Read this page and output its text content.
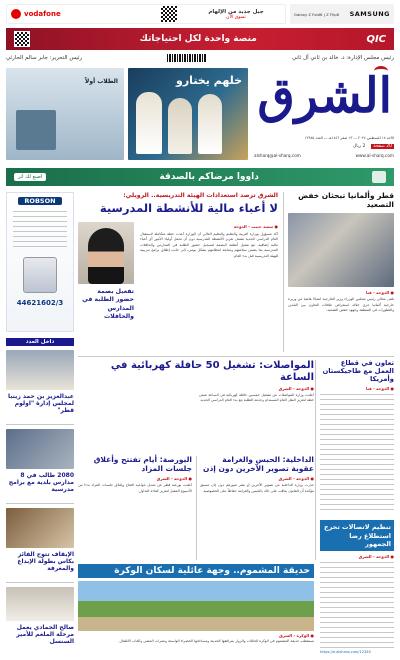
SAMSUNG
Galaxy Z Fold6 | Z Flip6
جيل جديد من الإلهام
تسوق الآن
vodafone
QIC
منصة واحدة لكل احتياجاتك
رئيس مجلس الإدارة: د. خالد بن ثاني آل ثاني
رئيس التحرير: جابر سالم الحارثي
الشرق
الأحد ١٨ أغسطس ٢٠٢٤ — ١٣ صفر ١٤٤٦هـ — العدد ١٢٩٨٥
20 صفحة
2 ريال
alsharq@al-sharq.com	www.al-sharq.com
خلهم يختارو
الطلاب أولاً
داووا مرضاكم بالصدقة
اصنع لك أثر
قطر وألمانيا تبحثان خفض التصعيد
● الدوحة - قنا
تلقى معالي رئيس مجلس الوزراء وزير الخارجية اتصالاً هاتفياً من وزيرة خارجية ألمانيا جرى خلاله استعراض علاقات التعاون بين البلدين والتطورات في المنطقة وجهود خفض التصعيد.
الشرق ترصد استعدادات الهيئة التدريسية.. الرويلي:
لا أعباء مالية للأنشطة المدرسية
تفعيل بصمة حضور الطلبة في المدارس والحافلات
● سعيد حبيب - الدوحة
أكد مسؤول بوزارة التربية والتعليم والتعليم العالي أن الوزارة أعدت خطة متكاملة لاستقبال العام الدراسي الجديد تشمل تعزيز الأنشطة المدرسية دون أن تحمل أولياء الأمور أي أعباء مالية إضافية، مع تفعيل أنظمة البصمة لتسجيل حضور الطلبة في المدارس والحافلات المدرسية بما يضمن سلامتهم ومتابعة انتظامهم بشكل يومي، إلى جانب إطلاق برامج تدريبية للهيئة التدريسية قبل بدء العام.
ROBSON
44621602/3
داخل العدد
عبدالعزيز بن حمد زينبا لمجلس إدارة "اولوم قطر"
2080 طالب في 8 مدارس بلدية مع برامج مدرسية
الإيقاف تتوج الفائز بكاس بطولة الإبداع والمعرفة
صالح الحمادي يعمل مرحلة الملغم للأمير السنسل
المواصلات: تشغيل 50 حافلة كهربائية في الساعة
● الدوحة - الشرق
أعلنت وزارة المواصلات عن تشغيل خمسين حافلة كهربائية في الساعة ضمن خطة لتعزيز النقل العام المستدام وخدمة الطلبة مع بدء العام الدراسي الجديد.
تعاون في قطاع العمل مع طاجيكستان وأمريكا
● الدوحة - قنا
تنظيم لاتصالات تحرج استطلاع رضا الجمهور
● الدوحة - الشرق
https://e.alsharq.com/12345
الداخلية: الحبس والغرامة عقوبة تصوير الآخرين دون إذن
● الدوحة - الشرق
حذرت وزارة الداخلية من تصوير الآخرين أو نشر صورهم دون إذن مسبق مؤكدة أن القانون يعاقب على ذلك بالحبس والغرامة حفاظاً على الخصوصية.
البورصة: أيام تفتتح وأغلاق جلسات المزاد
● الدوحة - الشرق
أعلنت بورصة قطر عن تعديل مواعيد افتتاح وإغلاق جلسات المزاد بدءاً من الأسبوع المقبل لتعزيز كفاءة التداول.
حديقة المشموم.. وجهة عائلية لسكان الوكرة
● الوكرة - الشرق
تستقطب حديقة المشموم في الوكرة العائلات والزوار بمرافقها الحديثة ومساحاتها الخضراء الواسعة وممرات المشي وألعاب الأطفال.
